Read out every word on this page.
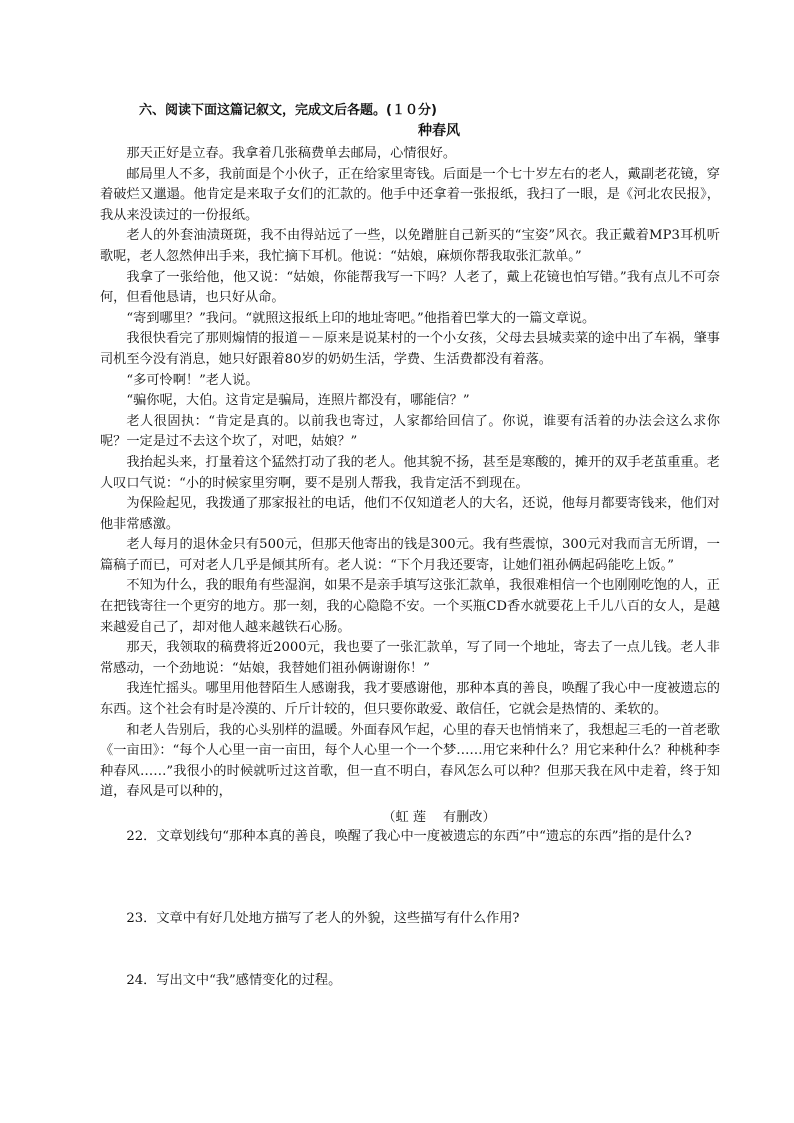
六、阅读下面这篇记叙文，完成文后各题。(１０分)
种春风

那天正好是立春。我拿着几张稿费单去邮局，心情很好。

邮局里人不多，我前面是个小伙子，正在给家里寄钱。后面是一个七十岁左右的老人，戴副老花镜，穿着破烂又邋遢。他肯定是来取子女们的汇款的。他手中还拿着一张报纸，我扫了一眼，是《河北农民报》，我从来没读过的一份报纸。

老人的外套油渍斑斑，我不由得站远了一些，以免蹭脏自己新买的“宝姿”风衣。我正戴着MP3耳机听歌呢，老人忽然伸出手来，我忙摘下耳机。他说：“姑娘，麻烦你帮我取张汇款单。”

我拿了一张给他，他又说：“姑娘，你能帮我写一下吗？人老了，戴上花镜也怕写错。”我有点儿不可奈何，但看他恳请，也只好从命。

“寄到哪里？”我问。“就照这报纸上印的地址寄吧。”他指着巴掌大的一篇文章说。

我很快看完了那则煽情的报道－－原来是说某村的一个小女孩，父母去县城卖菜的途中出了车祸，肇事司机至今没有消息，她只好跟着80岁的奶奶生活，学费、生活费都没有着落。

“多可怜啊！”老人说。

“骗你呢，大伯。这肯定是骗局，连照片都没有，哪能信？”

老人很固执：“肯定是真的。以前我也寄过，人家都给回信了。你说，谁要有活着的办法会这么求你呢？一定是过不去这个坎了，对吧，姑娘？”

我抬起头来，打量着这个猛然打动了我的老人。他其貌不扬，甚至是寒酸的，摊开的双手老茧重重。老人叹口气说：“小的时候家里穷啊，要不是别人帮我，我肯定活不到现在。

为保险起见，我拨通了那家报社的电话，他们不仅知道老人的大名，还说，他每月都要寄钱来，他们对他非常感激。

老人每月的退休金只有500元，但那天他寄出的钱是300元。我有些震惊，300元对我而言无所谓，一篇稿子而已，可对老人几乎是倾其所有。老人说：“下个月我还要寄，让她们祖孙俩起码能吃上饭。”

不知为什么，我的眼角有些湿润，如果不是亲手填写这张汇款单，我很难相信一个也刚刚吃饱的人，正在把钱寄往一个更穷的地方。那一刻，我的心隐隐不安。一个买瓶CD香水就要花上千儿八百的女人，是越来越爱自己了，却对他人越来越铁石心肠。

那天，我领取的稿费将近2000元，我也要了一张汇款单，写了同一个地址，寄去了一点儿钱。老人非常感动，一个劲地说：“姑娘，我替她们祖孙俩谢谢你！”

我连忙摇头。哪里用他替陌生人感谢我，我才要感谢他，那种本真的善良，唤醒了我心中一度被遗忘的东西。这个社会有时是冷漠的、斤斤计较的，但只要你敢爱、敢信任，它就会是热情的、柔软的。

和老人告别后，我的心头别样的温暖。外面春风乍起，心里的春天也悄悄来了，我想起三毛的一首老歌《一亩田》：“每个人心里一亩一亩田，每个人心里一个一个梦……用它来种什么？用它来种什么？种桃种李种春风……”我很小的时候就听过这首歌，但一直不明白，春风怎么可以种？但那天我在风中走着，终于知道，春风是可以种的，

（虹 莲    有删改）
22．文章划线句“那种本真的善良，唤醒了我心中一度被遗忘的东西”中“遗忘的东西”指的是什么?
23．文章中有好几处地方描写了老人的外貌，这些描写有什么作用?
24．写出文中“我”感情变化的过程。
